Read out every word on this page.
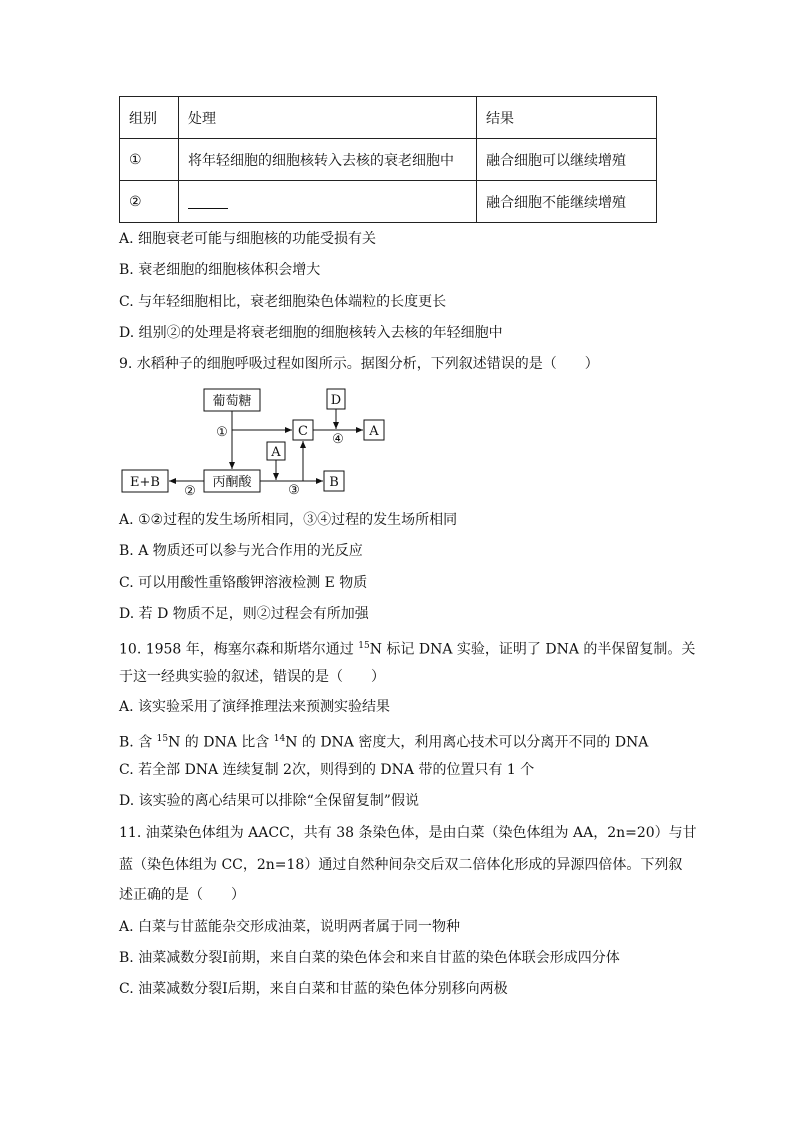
组别	处理	结果
①	将年轻细胞的细胞核转入去核的衰老细胞中	融合细胞可以继续增殖
②		融合细胞不能继续增殖
A. 细胞衰老可能与细胞核的功能受损有关
B. 衰老细胞的细胞核体积会增大
C. 与年轻细胞相比，衰老细胞染色体端粒的长度更长
D. 组别②的处理是将衰老细胞的细胞核转入去核的年轻细胞中
9. 水稻种子的细胞呼吸过程如图所示。据图分析，下列叙述错误的是（　　）
葡萄糖
丙酮酸
E+B
A
C
D
A
B
①
②	③
④
A. ①②过程的发生场所相同，③④过程的发生场所相同
B. A 物质还可以参与光合作用的光反应
C. 可以用酸性重铬酸钾溶液检测 E 物质
D. 若 D 物质不足，则②过程会有所加强
10. 1958 年，梅塞尔森和斯塔尔通过 $^{15}$N 标记 DNA 实验，证明了 DNA 的半保留复制。关
于这一经典实验的叙述，错误的是（　　）
A. 该实验采用了演绎推理法来预测实验结果
B. 含 $^{15}$N 的 DNA 比含 $^{14}$N 的 DNA 密度大，利用离心技术可以分离开不同的 DNA
C. 若全部 DNA 连续复制 2次，则得到的 DNA 带的位置只有 1 个
D. 该实验的离心结果可以排除“全保留复制”假说
11. 油菜染色体组为 AACC，共有 38 条染色体，是由白菜（染色体组为 AA，2n=20）与甘
蓝（染色体组为 CC，2n=18）通过自然种间杂交后双二倍体化形成的异源四倍体。下列叙
述正确的是（　　）
A. 白菜与甘蓝能杂交形成油菜，说明两者属于同一物种
B. 油菜减数分裂Ⅰ前期，来自白菜的染色体会和来自甘蓝的染色体联会形成四分体
C. 油菜减数分裂Ⅰ后期，来自白菜和甘蓝的染色体分别移向两极
